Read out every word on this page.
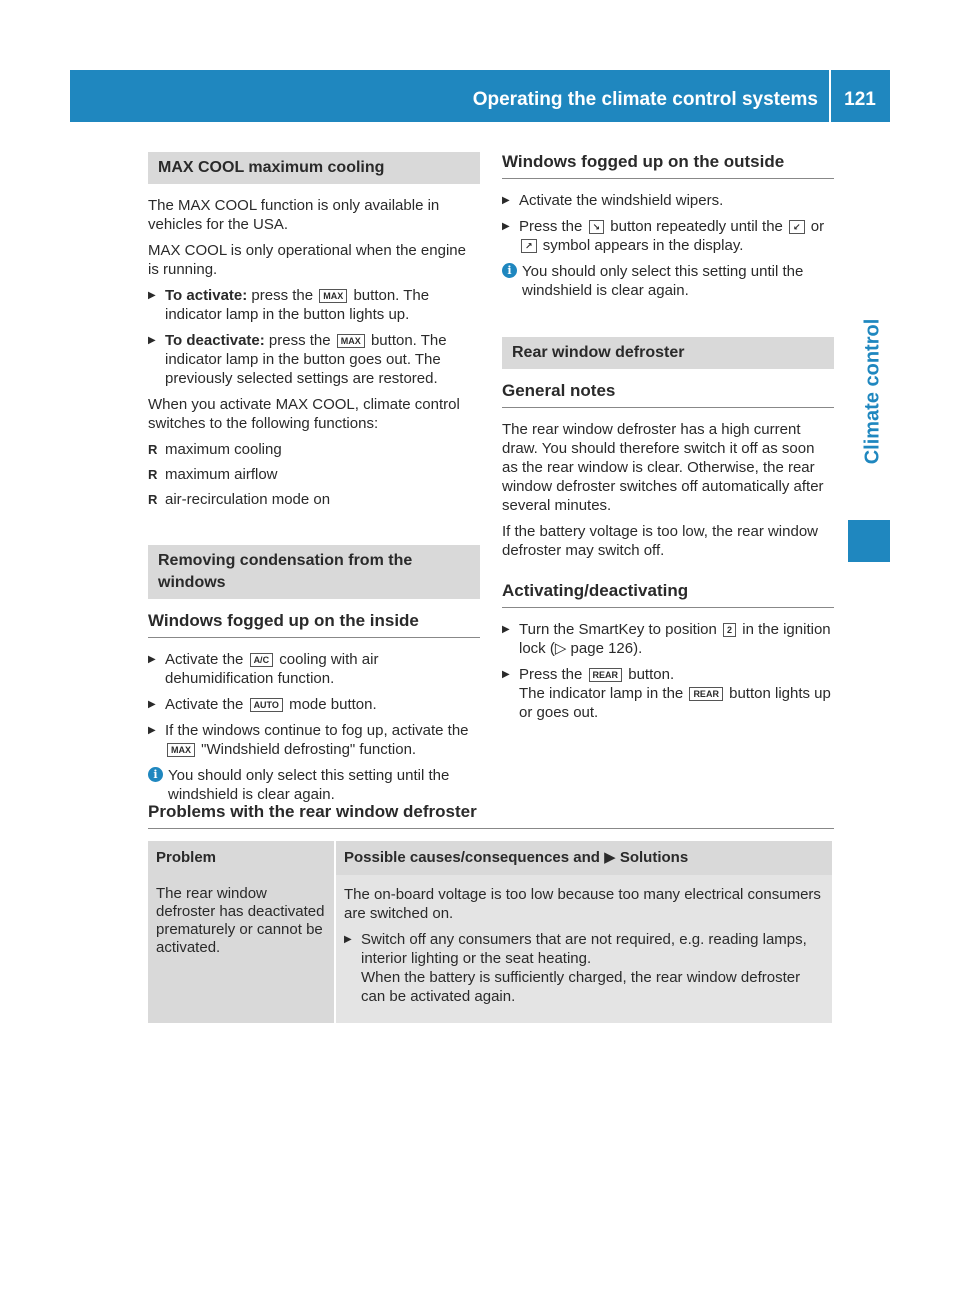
Operating the climate control systems	121
Climate control
MAX COOL maximum cooling

The MAX COOL function is only available in vehicles for the USA.

MAX COOL is only operational when the engine is running.

▶ To activate: press the MAX button. The indicator lamp in the button lights up.
▶ To deactivate: press the MAX button. The indicator lamp in the button goes out. The previously selected settings are restored.

When you activate MAX COOL, climate control switches to the following functions:

R maximum cooling
R maximum airflow
R air-recirculation mode on
Removing condensation from the windows
Windows fogged up on the inside
▶ Activate the A/C cooling with air dehumidification function.
▶ Activate the AUTO mode button.
▶ If the windows continue to fog up, activate the MAX "Windshield defrosting" function.
i You should only select this setting until the windshield is clear again.
Windows fogged up on the outside
▶ Activate the windshield wipers.
▶ Press the ↘ button repeatedly until the ↙ or ↗ symbol appears in the display.
i You should only select this setting until the windshield is clear again.
Rear window defroster
General notes

The rear window defroster has a high current draw. You should therefore switch it off as soon as the rear window is clear. Otherwise, the rear window defroster switches off automatically after several minutes.

If the battery voltage is too low, the rear window defroster may switch off.

Activating/deactivating
▶ Turn the SmartKey to position 2 in the ignition lock (▷ page 126).
▶ Press the REAR button.
The indicator lamp in the REAR button lights up or goes out.
Problems with the rear window defroster
Problem	Possible causes/consequences and ▶ Solutions
The rear window defroster has deactivated prematurely or cannot be activated.	The on-board voltage is too low because too many electrical consumers are switched on.

▶ Switch off any consumers that are not required, e.g. reading lamps, interior lighting or the seat heating.
When the battery is sufficiently charged, the rear window defroster can be activated again.
